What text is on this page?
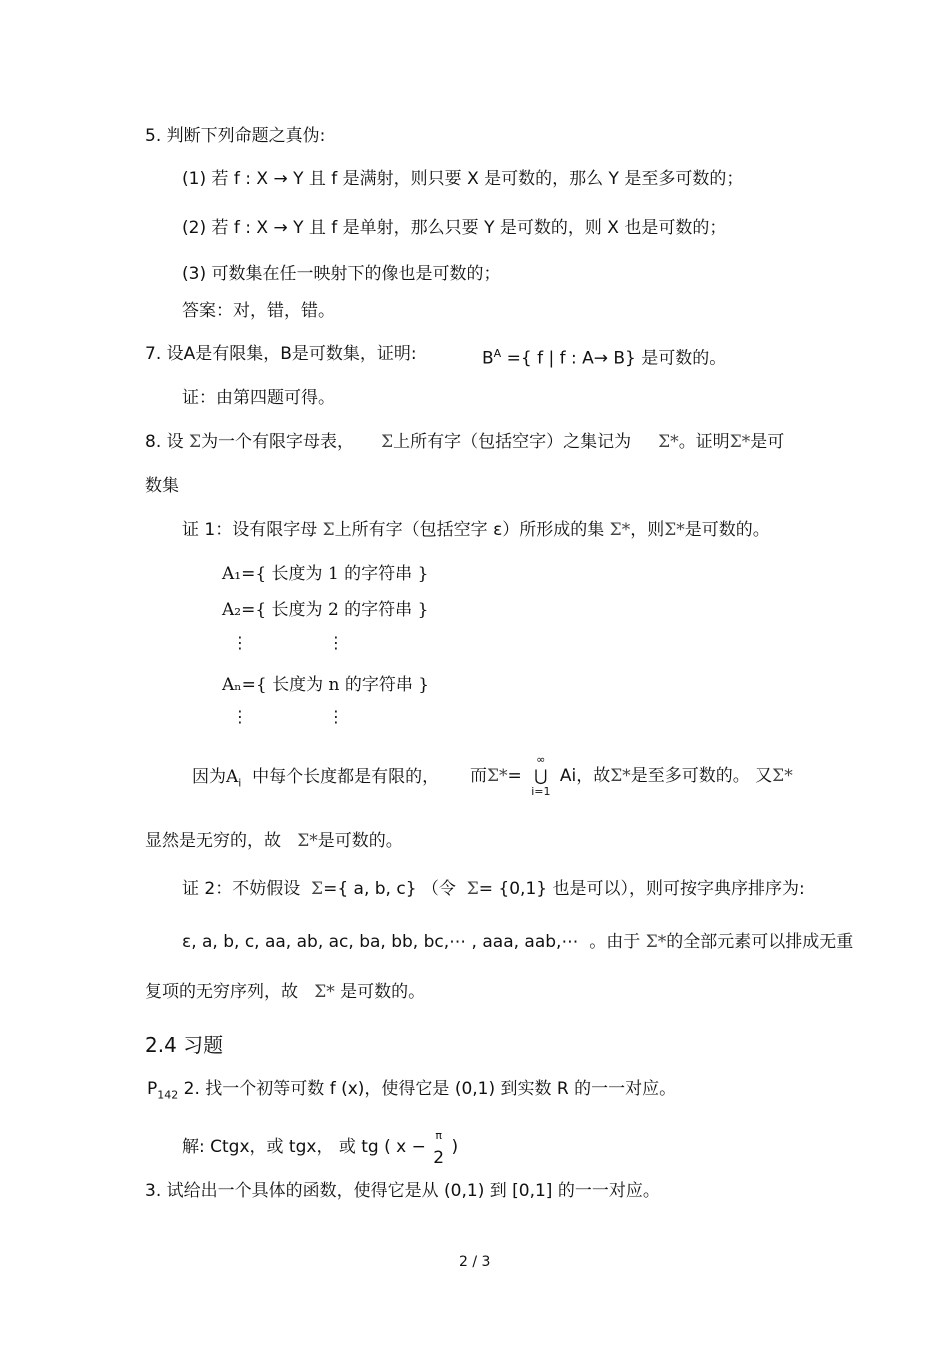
5. 判断下列命题之真伪:
(1) 若 f : X → Y 且 f 是满射，则只要 X 是可数的，那么 Y 是至多可数的；
(2) 若 f : X → Y 且 f 是单射，那么只要 Y 是可数的，则 X 也是可数的；
(3) 可数集在任一映射下的像也是可数的；
答案：对，错，错。
7. 设A是有限集，B是可数集，证明:	$B^A$ ={ f | f : A→ B} 是可数的。
证：由第四题可得。
8. 设 Σ为一个有限字母表， Σ上所有字（包括空字）之集记为 Σ*。证明Σ*是可
数集
证 1：设有限字母 Σ上所有字（包括空字 ε）所形成的集 Σ*，则Σ*是可数的。
A₁={ 长度为 1 的字符串 }
A₂={ 长度为 2 的字符串 }
⋮	⋮
Aₙ={ 长度为 n 的字符串 }
⋮	⋮
因为$A_i$ 中每个长度都是有限的， 而Σ*=
∞
⋃
i=1
Ai，故Σ*是至多可数的。 又Σ*
显然是无穷的，故 Σ*是可数的。
证 2：不妨假设 Σ={ a, b, c} （令 Σ= {0,1} 也是可以），则可按字典序排序为:
ε, a, b, c, aa, ab, ac, ba, bb, bc,⋯ , aaa, aab,⋯ 。由于 Σ*的全部元素可以排成无重
复项的无穷序列，故 Σ* 是可数的。
2.4 习题
$P_{142}$ 2. 找一个初等可数 f (x)，使得它是 (0,1) 到实数 R 的一一对应。
解: Ctgx，或 tgx， 或 tg ( x −
π
2
)
3. 试给出一个具体的函数，使得它是从 (0,1) 到 [0,1] 的一一对应。
2 / 3
